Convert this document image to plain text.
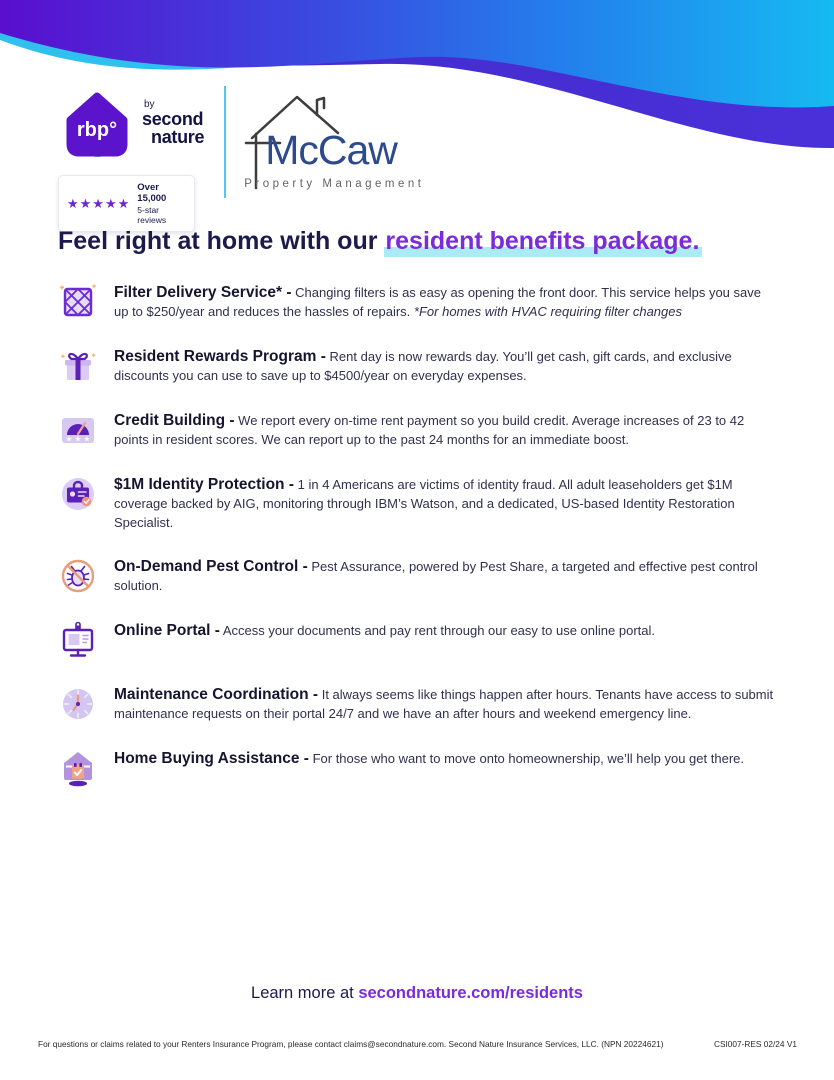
rbp°
by
second
nature
★★★★★
Over 15,000
5-star reviews
McCaw
Property Management
Feel right at home with our resident benefits package.

Filter Delivery Service* - Changing filters is as easy as opening the front door. This service helps you save up to $250/year and reduces the hassles of repairs. *For homes with HVAC requiring filter changes

Resident Rewards Program - Rent day is now rewards day. You’ll get cash, gift cards, and exclusive discounts you can use to save up to $4500/year on everyday expenses.

★ ★ ★

Credit Building - We report every on-time rent payment so you build credit. Average increases of 23 to 42 points in resident scores. We can report up to the past 24 months for an immediate boost.

$1M Identity Protection - 1 in 4 Americans are victims of identity fraud. All adult leaseholders get $1M coverage backed by AIG, monitoring through IBM’s Watson, and a dedicated, US-based Identity Restoration Specialist.

On-Demand Pest Control - Pest Assurance, powered by Pest Share, a targeted and effective pest control solution.

Online Portal - Access your documents and pay rent through our easy to use online portal.

Maintenance Coordination - It always seems like things happen after hours. Tenants have access to submit maintenance requests on their portal 24/7 and we have an after hours and weekend emergency line.

Home Buying Assistance - For those who want to move onto homeownership, we’ll help you get there.

Learn more at secondnature.com/residents
For questions or claims related to your Renters Insurance Program, please contact claims@secondnature.com. Second Nature Insurance Services, LLC. (NPN 20224621)	CSI007-RES 02/24 V1
